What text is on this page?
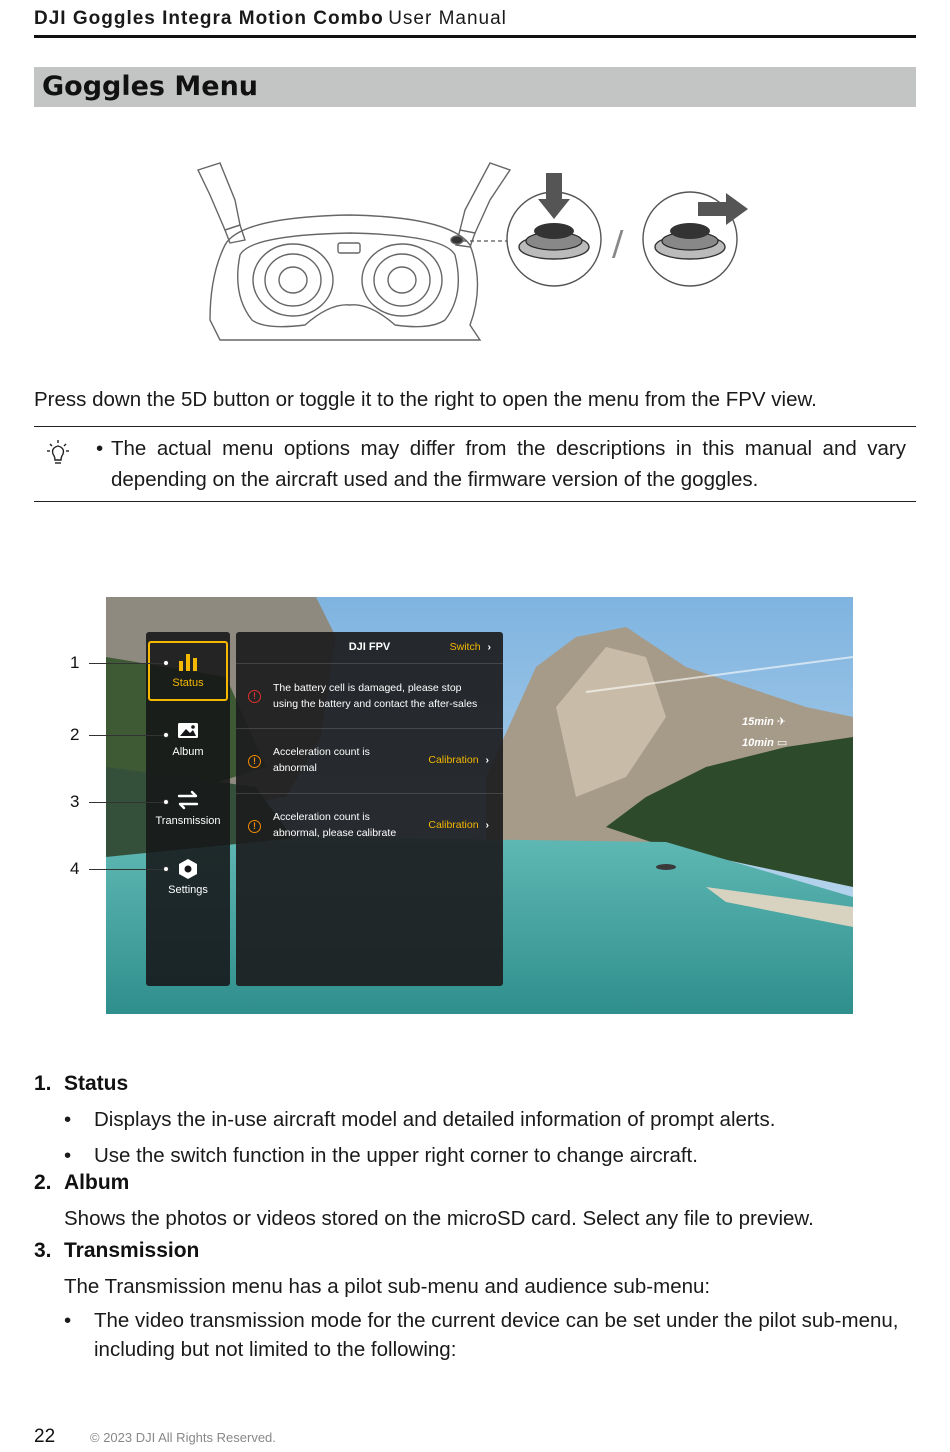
DJI Goggles Integra Motion Combo User Manual
Goggles Menu
/
Press down the 5D button or toggle it to the right to open the menu from the FPV view.
• The actual menu options may differ from the descriptions in this manual and vary depending on the aircraft used and the firmware version of the goggles.
15min ✈
10min ▭
Status
Album
Transmission
Settings
DJI FPV	Switch ›
!
The battery cell is damaged, please stop
using the battery and contact the after-sales
!
Acceleration count is
abnormal
Calibration ›
!
Acceleration count is
abnormal, please calibrate
Calibration ›
1
2
3
4
1. Status
•	Displays the in-use aircraft model and detailed information of prompt alerts.
•	Use the switch function in the upper right corner to change aircraft.
2. Album
Shows the photos or videos stored on the microSD card. Select any file to preview.
3. Transmission
The Transmission menu has a pilot sub-menu and audience sub-menu:
•	The video transmission mode for the current device can be set under the pilot sub-menu, including but not limited to the following:
22	© 2023 DJI All Rights Reserved.
